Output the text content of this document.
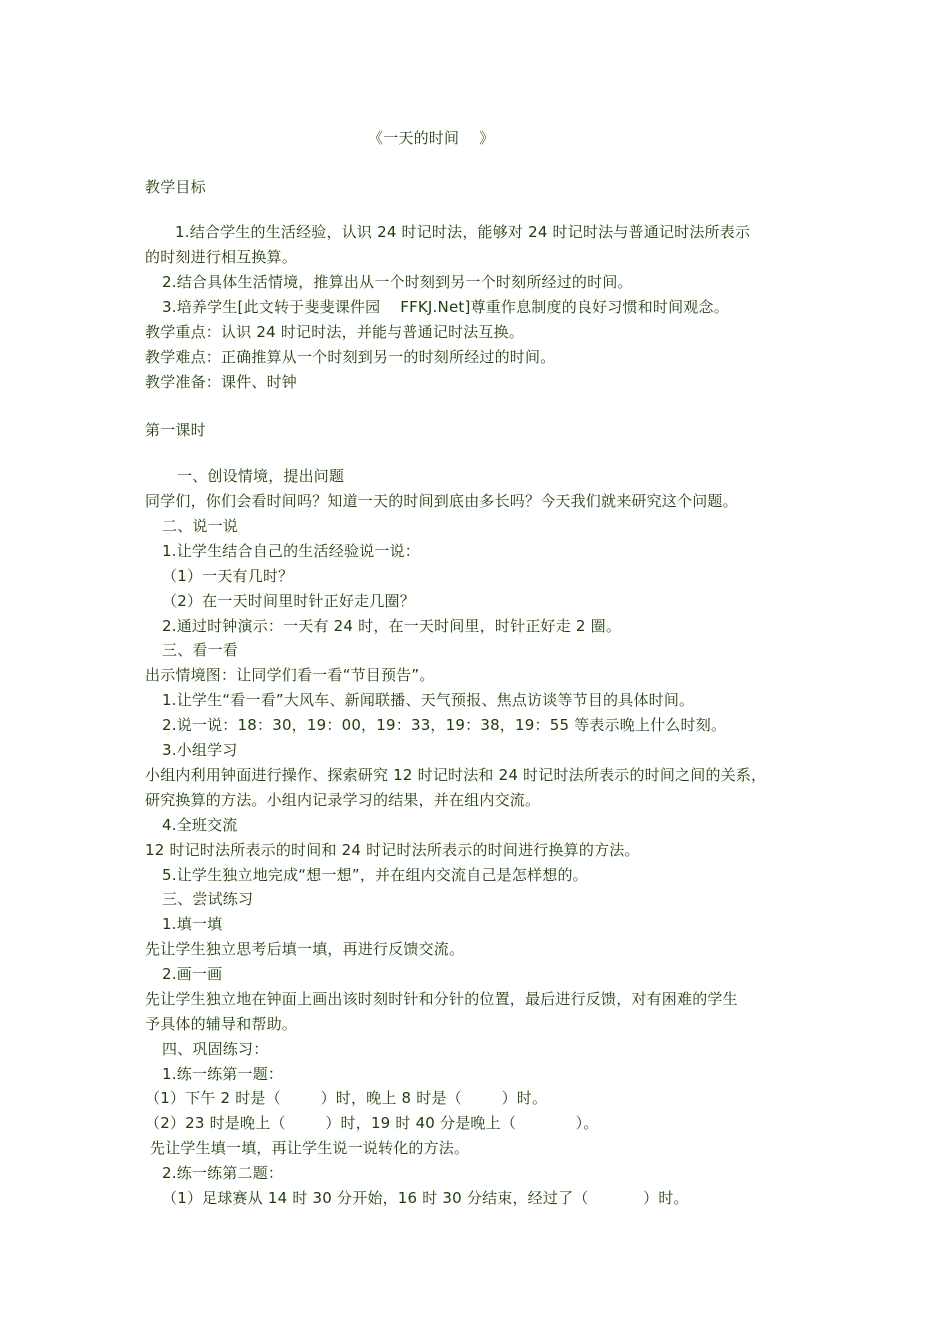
《一天的时间    》
教学目标
1.结合学生的生活经验，认识 24 时记时法，能够对 24 时记时法与普通记时法所表示
的时刻进行相互换算。
2.结合具体生活情境，推算出从一个时刻到另一个时刻所经过的时间。
3.培养学生[此文转于斐斐课件园    FFKJ.Net]尊重作息制度的良好习惯和时间观念。
教学重点：认识 24 时记时法，并能与普通记时法互换。
教学难点：正确推算从一个时刻到另一的时刻所经过的时间。
教学准备：课件、时钟
第一课时
一、创设情境，提出问题
同学们，你们会看时间吗？知道一天的时间到底由多长吗？今天我们就来研究这个问题。
二、说一说
1.让学生结合自己的生活经验说一说：
（1）一天有几时？
（2）在一天时间里时针正好走几圈？
2.通过时钟演示：一天有 24 时，在一天时间里，时针正好走 2 圈。
三、看一看
出示情境图：让同学们看一看“节目预告”。
1.让学生“看一看”大风车、新闻联播、天气预报、焦点访谈等节目的具体时间。
2.说一说：18：30，19：00，19：33，19：38，19：55 等表示晚上什么时刻。
3.小组学习
小组内利用钟面进行操作、探索研究 12 时记时法和 24 时记时法所表示的时间之间的关系，
研究换算的方法。小组内记录学习的结果，并在组内交流。
4.全班交流
12 时记时法所表示的时间和 24 时记时法所表示的时间进行换算的方法。
5.让学生独立地完成“想一想”，并在组内交流自己是怎样想的。
三、尝试练习
1.填一填
先让学生独立思考后填一填，再进行反馈交流。
2.画一画
先让学生独立地在钟面上画出该时刻时针和分针的位置，最后进行反馈，对有困难的学生
予具体的辅导和帮助。
四、巩固练习：
1.练一练第一题：
（1）下午 2 时是（        ）时，晚上 8 时是（        ）时。
（2）23 时是晚上（        ）时，19 时 40 分是晚上（            ）。
先让学生填一填，再让学生说一说转化的方法。
2.练一练第二题：
（1）足球赛从 14 时 30 分开始，16 时 30 分结束，经过了（           ）时。
